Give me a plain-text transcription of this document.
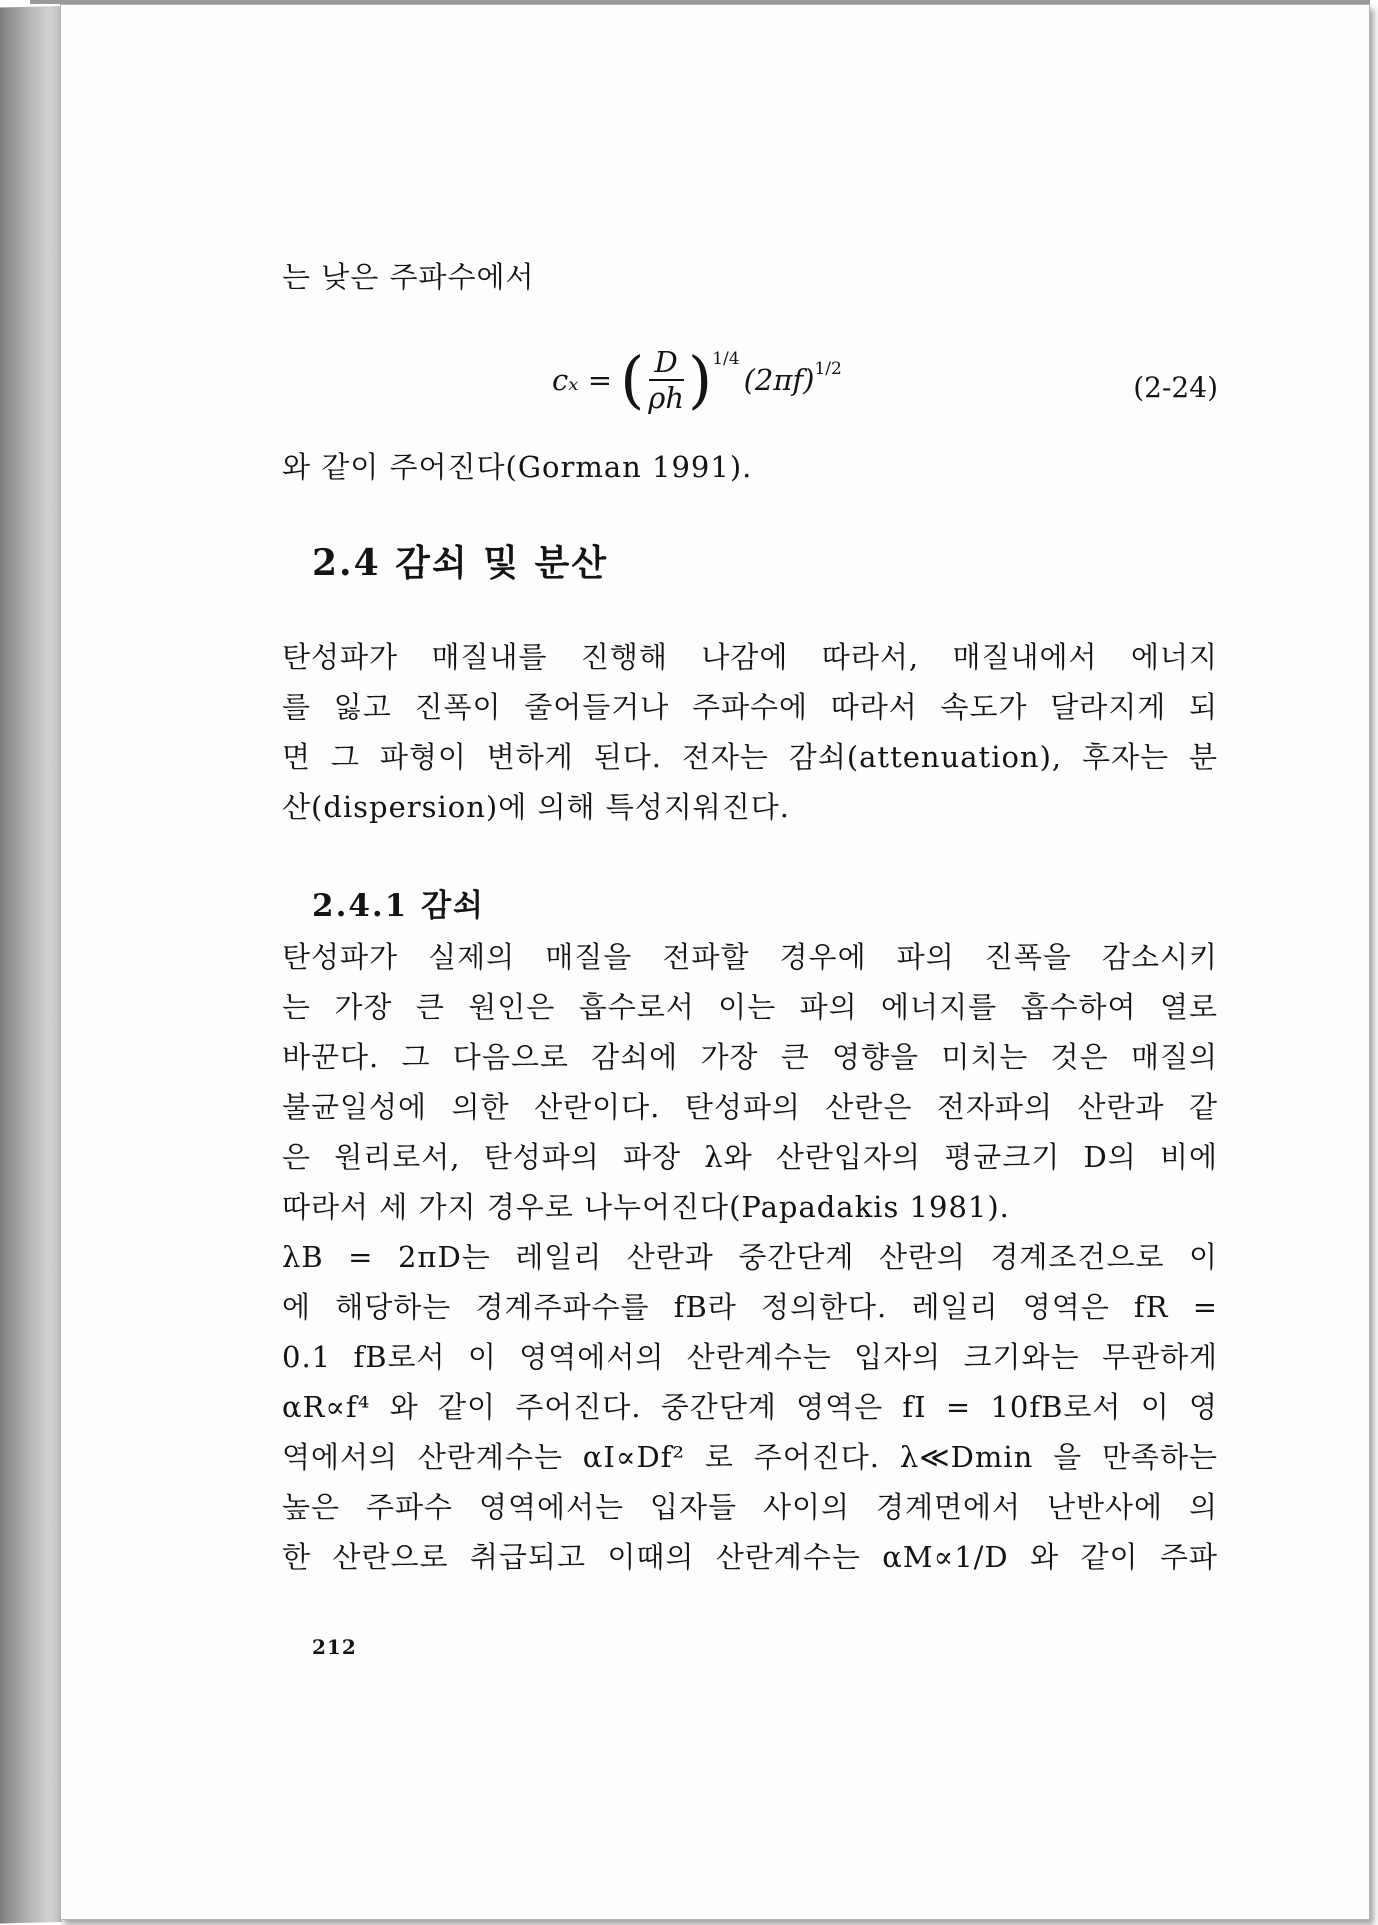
는 낮은 주파수에서
cₓ = ( $\frac{D}{\rho h}$ ) 1/4
(2πf) 1/2
(2-24)
와 같이 주어진다(Gorman 1991).
2.4 감쇠 및 분산
탄성파가 매질내를 진행해 나감에 따라서, 매질내에서 에너지
를 잃고 진폭이 줄어들거나 주파수에 따라서 속도가 달라지게 되
면 그 파형이 변하게 된다. 전자는 감쇠(attenuation), 후자는 분
산(dispersion)에 의해 특성지워진다.
2.4.1 감쇠
탄성파가 실제의 매질을 전파할 경우에 파의 진폭을 감소시키
는 가장 큰 원인은 흡수로서 이는 파의 에너지를 흡수하여 열로
바꾼다. 그 다음으로 감쇠에 가장 큰 영향을 미치는 것은 매질의
불균일성에 의한 산란이다. 탄성파의 산란은 전자파의 산란과 같
은 원리로서, 탄성파의 파장 λ와 산란입자의 평균크기 D의 비에
따라서 세 가지 경우로 나누어진다(Papadakis 1981).
λB = 2πD는 레일리 산란과 중간단계 산란의 경계조건으로 이
에 해당하는 경계주파수를 fB라 정의한다. 레일리 영역은 fR =
0.1 fB로서 이 영역에서의 산란계수는 입자의 크기와는 무관하게
αR∝f⁴ 와 같이 주어진다. 중간단계 영역은 fI = 10fB로서 이 영
역에서의 산란계수는 αI∝Df² 로 주어진다. λ≪Dmin 을 만족하는
높은 주파수 영역에서는 입자들 사이의 경계면에서 난반사에 의
한 산란으로 취급되고 이때의 산란계수는 αM∝1/D 와 같이 주파
212
